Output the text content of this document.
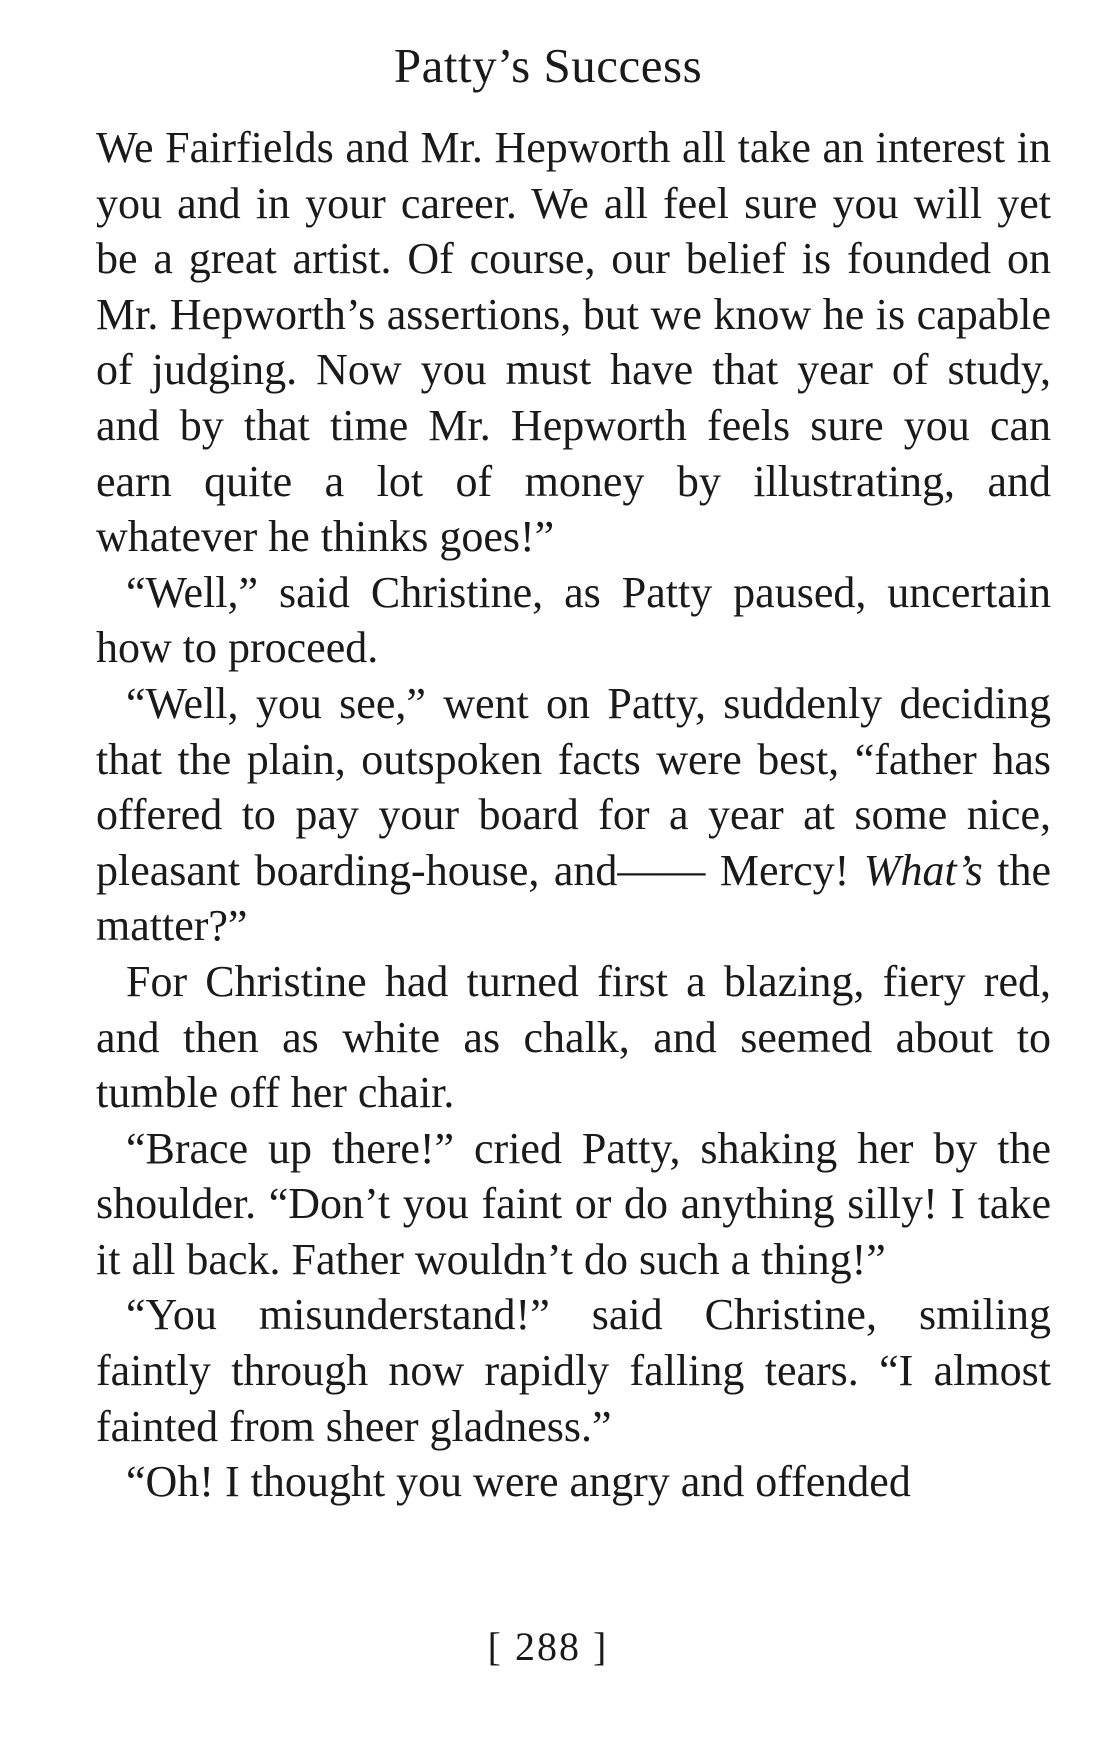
Patty’s Success

We Fairfields and Mr. Hepworth all take an interest in you and in your career. We all feel sure you will yet be a great artist. Of course, our belief is founded on Mr. Hepworth’s assertions, but we know he is capable of judging. Now you must have that year of study, and by that time Mr. Hepworth feels sure you can earn quite a lot of money by illustrating, and whatever he thinks goes!”

“Well,” said Christine, as Patty paused, uncertain how to proceed.

“Well, you see,” went on Patty, suddenly deciding that the plain, outspoken facts were best, “father has offered to pay your board for a year at some nice, pleasant boarding-house, and—— Mercy! What’s the matter?”

For Christine had turned first a blazing, fiery red, and then as white as chalk, and seemed about to tumble off her chair.

“Brace up there!” cried Patty, shaking her by the shoulder. “Don’t you faint or do anything silly! I take it all back. Father wouldn’t do such a thing!”

“You misunderstand!” said Christine, smiling faintly through now rapidly falling tears. “I almost fainted from sheer gladness.”

“Oh! I thought you were angry and offended

[ 288 ]
